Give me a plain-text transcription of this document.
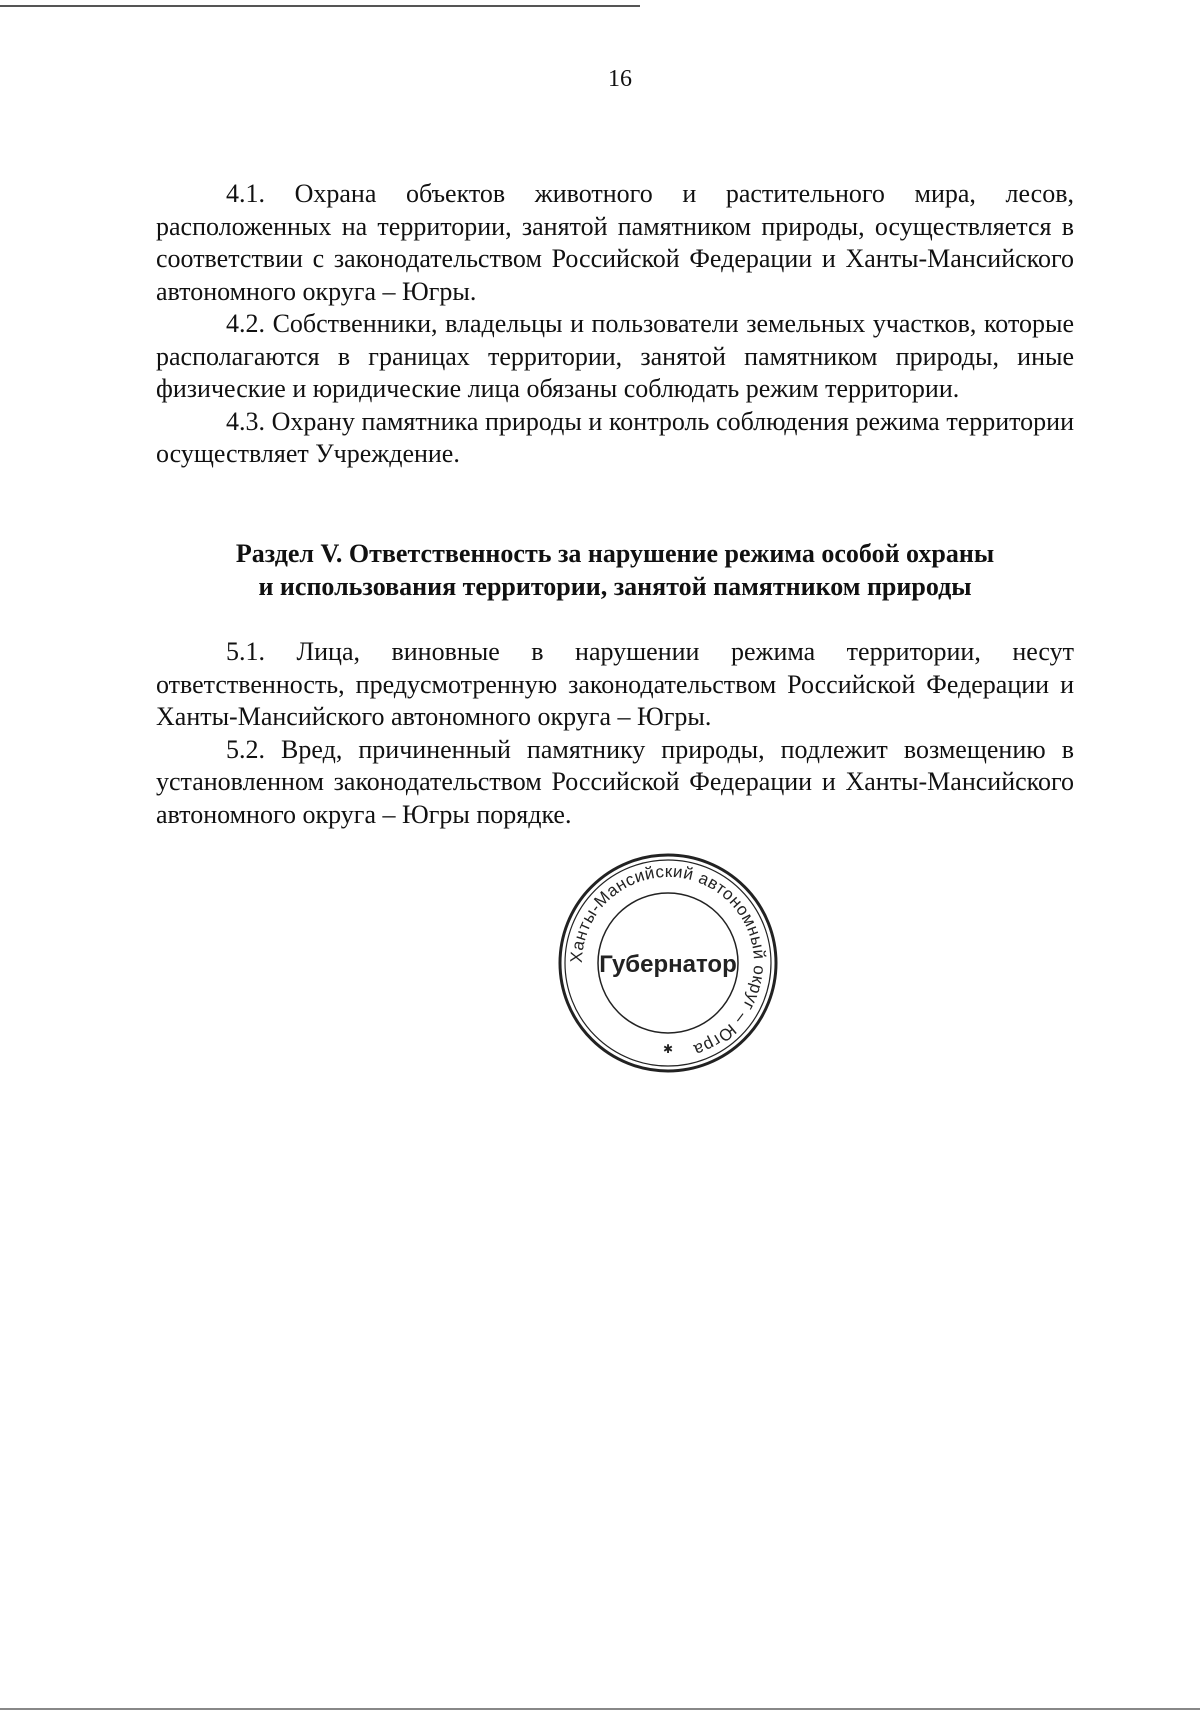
16

4.1. Охрана объектов животного и растительного мира, лесов, расположенных на территории, занятой памятником природы, осуществляется в соответствии с законодательством Российской Федерации и Ханты-Мансийского автономного округа – Югры.

4.2. Собственники, владельцы и пользователи земельных участков, которые располагаются в границах территории, занятой памятником природы, иные физические и юридические лица обязаны соблюдать режим территории.

4.3. Охрану памятника природы и контроль соблюдения режима территории осуществляет Учреждение.

Раздел V. Ответственность за нарушение режима особой охраны
и использования территории, занятой памятником природы

5.1. Лица, виновные в нарушении режима территории, несут ответственность, предусмотренную законодательством Российской Федерации и Ханты-Мансийского автономного округа – Югры.

5.2. Вред, причиненный памятнику природы, подлежит возмещению в установленном законодательством Российской Федерации и Ханты-Мансийского автономного округа – Югры порядке.

Ханты-Мансийский автономный округ – Югра
Губернатор
✱
